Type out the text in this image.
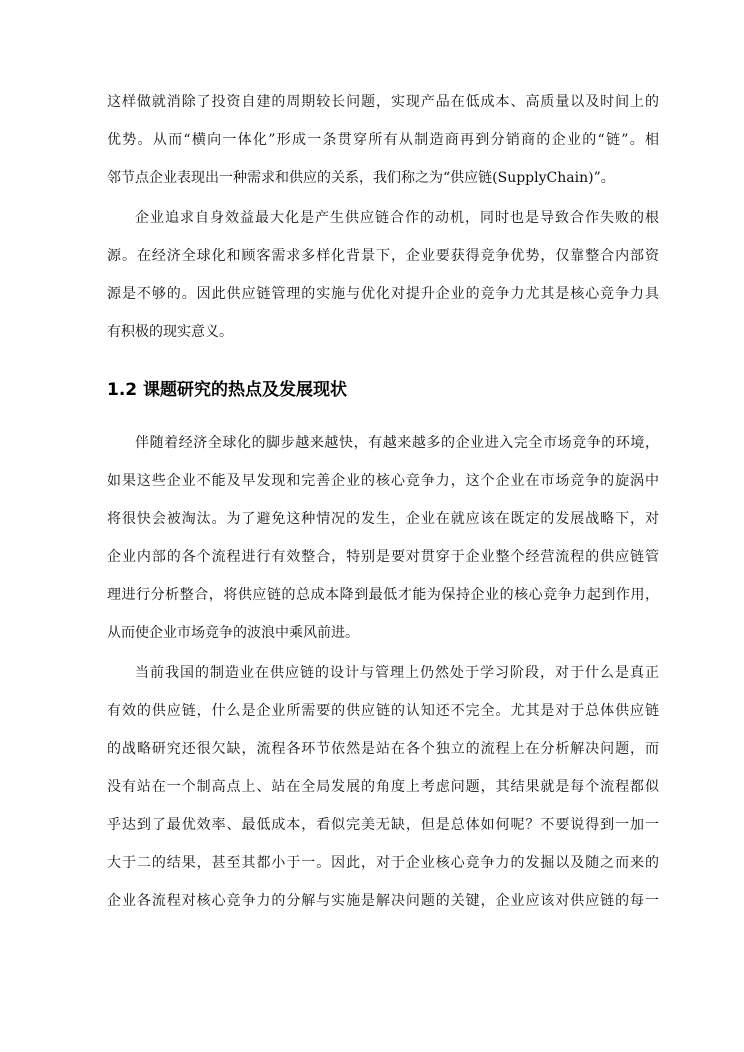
这样做就消除了投资自建的周期较长问题，实现产品在低成本、高质量以及时间上的
优势。从而“横向一体化”形成一条贯穿所有从制造商再到分销商的企业的“链”。相
邻节点企业表现出一种需求和供应的关系，我们称之为“供应链(SupplyChain)”。
企业追求自身效益最大化是产生供应链合作的动机，同时也是导致合作失败的根
源。在经济全球化和顾客需求多样化背景下，企业要获得竞争优势，仅靠整合内部资
源是不够的。因此供应链管理的实施与优化对提升企业的竞争力尤其是核心竞争力具
有积极的现实意义。
1.2 课题研究的热点及发展现状
伴随着经济全球化的脚步越来越快，有越来越多的企业进入完全市场竞争的环境，
如果这些企业不能及早发现和完善企业的核心竞争力，这个企业在市场竞争的旋涡中
将很快会被淘汰。为了避免这种情况的发生，企业在就应该在既定的发展战略下，对
企业内部的各个流程进行有效整合，特别是要对贯穿于企业整个经营流程的供应链管
理进行分析整合，将供应链的总成本降到最低才能为保持企业的核心竞争力起到作用，
从而使企业市场竞争的波浪中乘风前进。
当前我国的制造业在供应链的设计与管理上仍然处于学习阶段，对于什么是真正
有效的供应链，什么是企业所需要的供应链的认知还不完全。尤其是对于总体供应链
的战略研究还很欠缺，流程各环节依然是站在各个独立的流程上在分析解决问题，而
没有站在一个制高点上、站在全局发展的角度上考虑问题，其结果就是每个流程都似
乎达到了最优效率、最低成本，看似完美无缺，但是总体如何呢？不要说得到一加一
大于二的结果，甚至其都小于一。因此，对于企业核心竞争力的发掘以及随之而来的
企业各流程对核心竞争力的分解与实施是解决问题的关键，企业应该对供应链的每一
